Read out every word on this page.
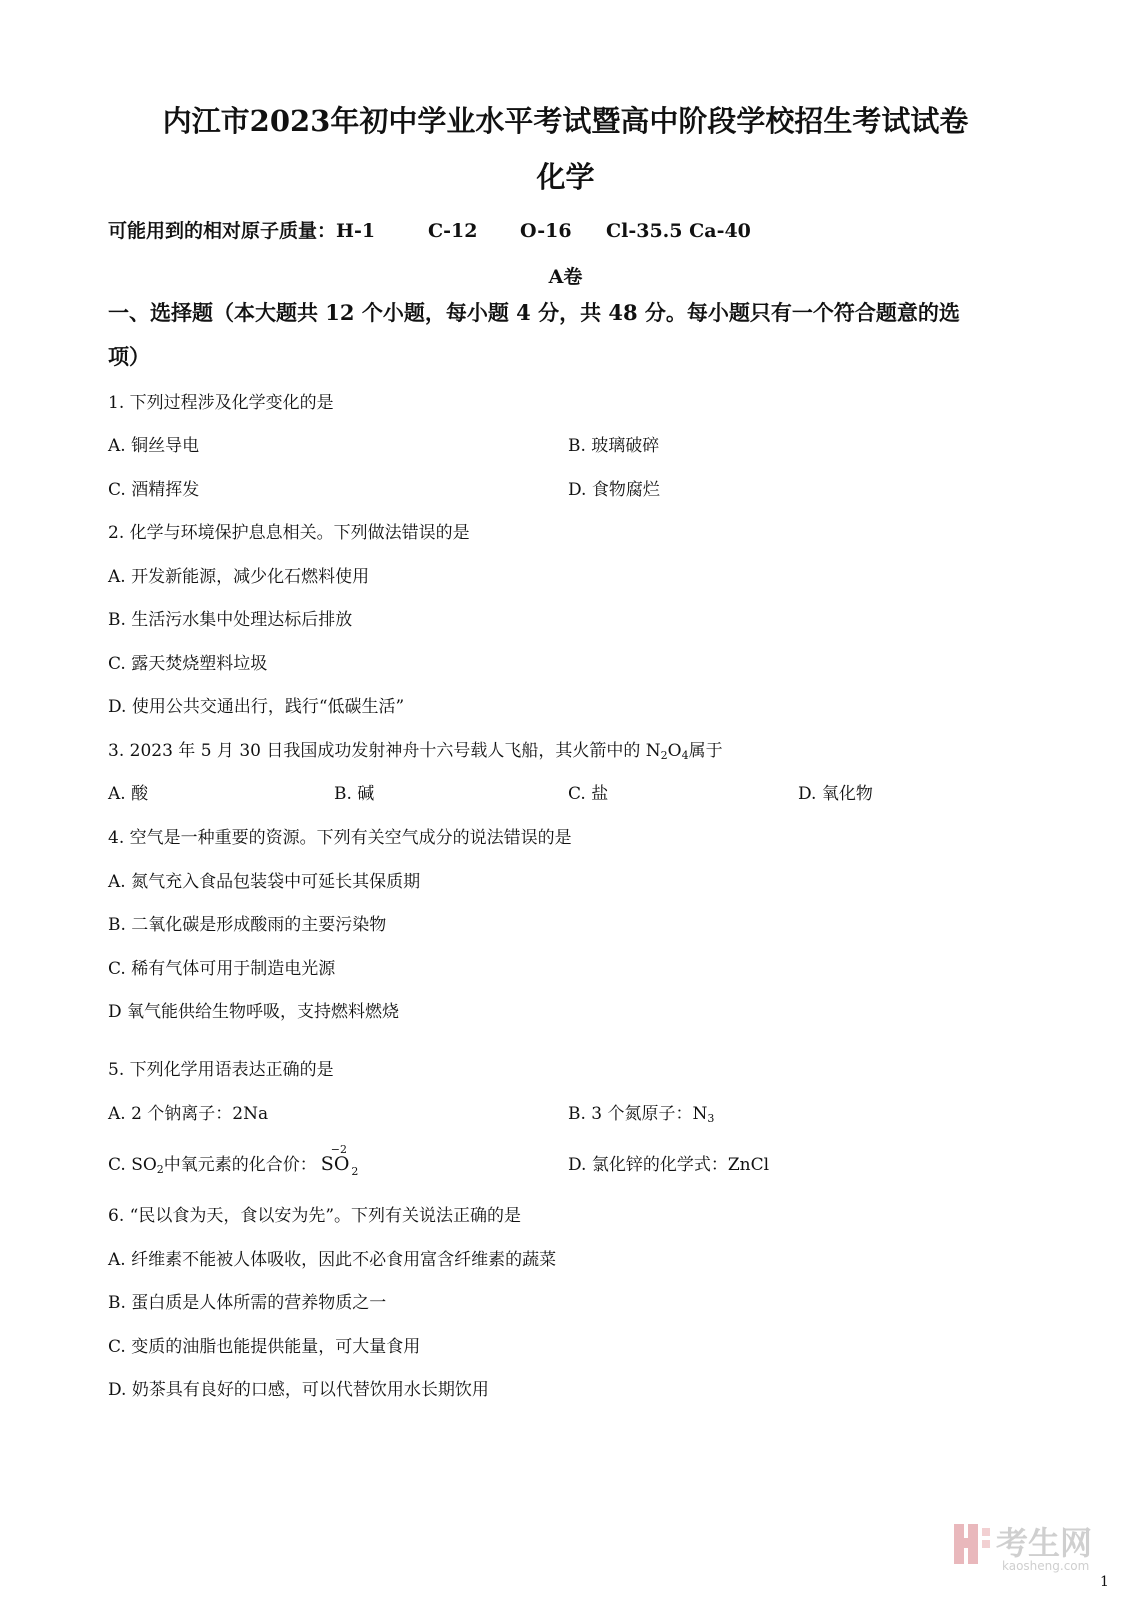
内江市2023年初中学业水平考试暨高中阶段学校招生考试试卷
化学
可能用到的相对原子质量：H-1	C-12 O-16 Cl-35.5 Ca-40
A卷
一、选择题（本大题共 12 个小题，每小题 4 分，共 48 分。每小题只有一个符合题意的选
项）
1. 下列过程涉及化学变化的是
A. 铜丝导电	B. 玻璃破碎
C. 酒精挥发	D. 食物腐烂
2. 化学与环境保护息息相关。下列做法错误的是
A. 开发新能源，减少化石燃料使用
B. 生活污水集中处理达标后排放
C. 露天焚烧塑料垃圾
D. 使用公共交通出行，践行“低碳生活”
3. 2023 年 5 月 30 日我国成功发射神舟十六号载人飞船，其火箭中的 $N_2O_4$属于
A. 酸	B. 碱	C. 盐	D. 氧化物
4. 空气是一种重要的资源。下列有关空气成分的说法错误的是
A. 氮气充入食品包装袋中可延长其保质期
B. 二氧化碳是形成酸雨的主要污染物
C. 稀有气体可用于制造电光源
D 氧气能供给生物呼吸，支持燃料燃烧
5. 下列化学用语表达正确的是
A. 2 个钠离子：2Na	B. 3 个氮原子：$N_3$
C. $SO_2$中氧元素的化合价：
−2
SO $_2$	D. 氯化锌的化学式：ZnCl
6. “民以食为天，食以安为先”。下列有关说法正确的是
A. 纤维素不能被人体吸收，因此不必食用富含纤维素的蔬菜
B. 蛋白质是人体所需的营养物质之一
C. 变质的油脂也能提供能量，可大量食用
D. 奶茶具有良好的口感，可以代替饮用水长期饮用
考生网
kaosheng.com
1
